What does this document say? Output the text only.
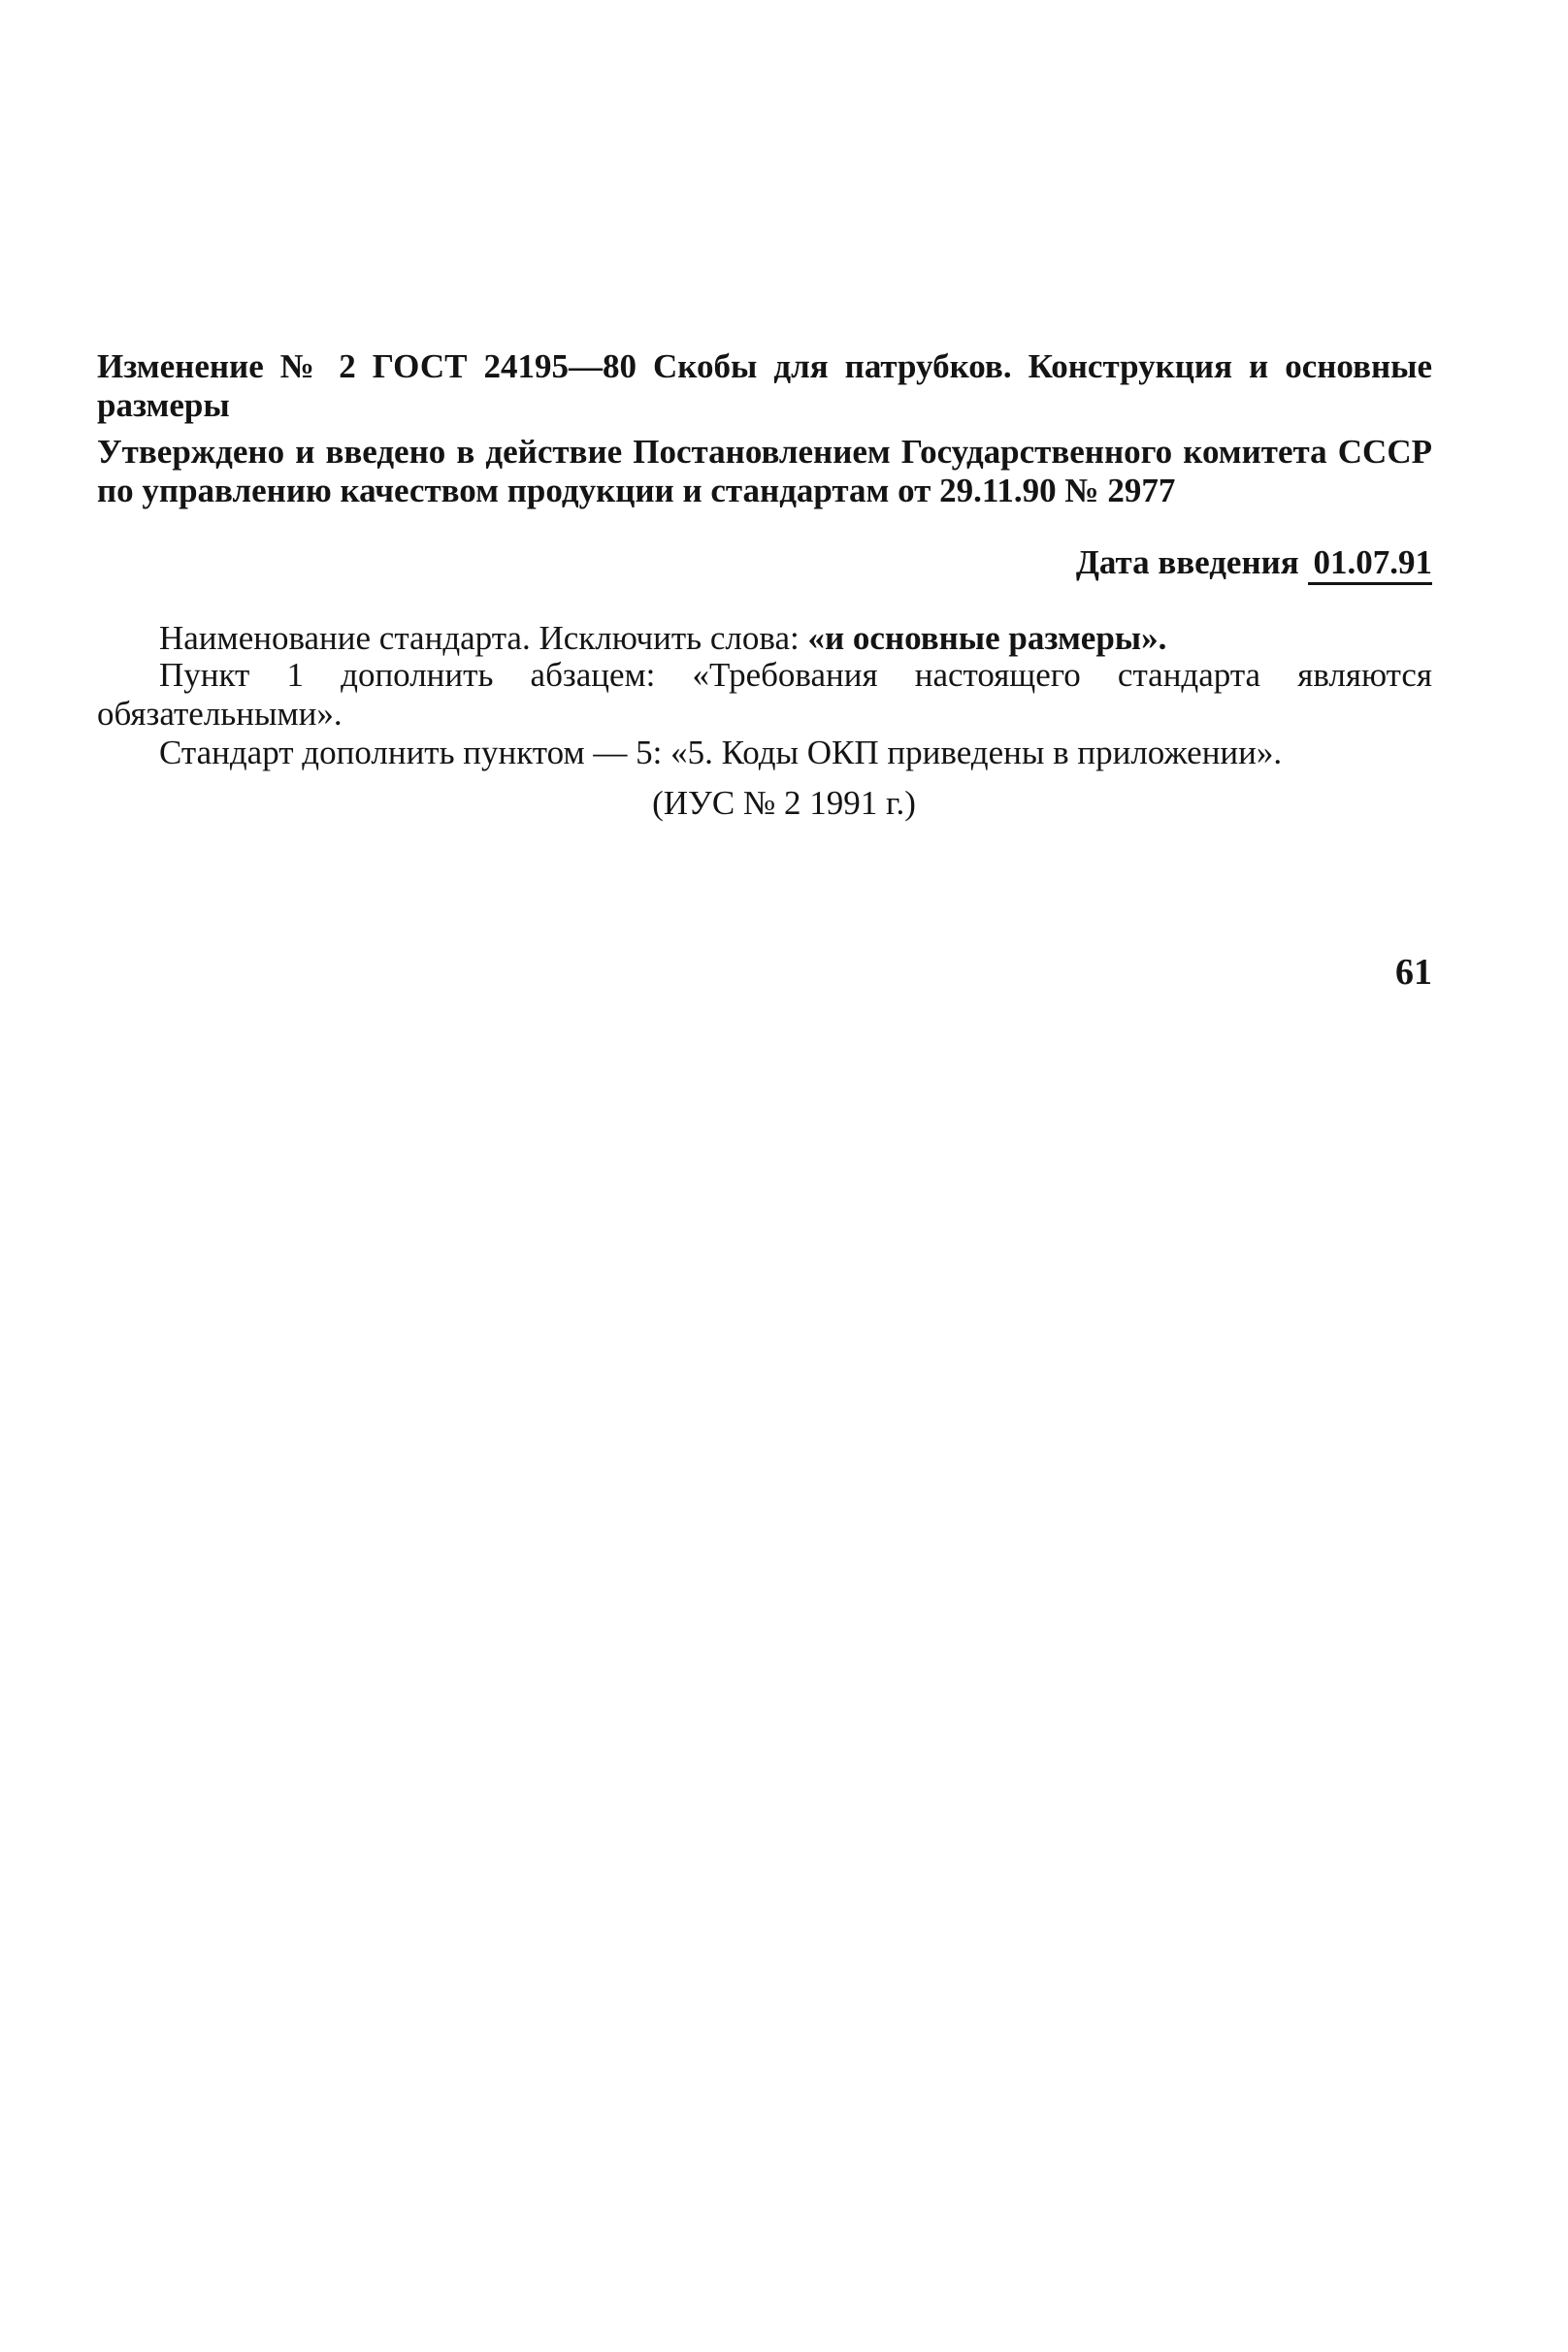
Изменение № 2 ГОСТ 24195—80 Скобы для патрубков. Конструкция и основные размеры

Утверждено и введено в действие Постановлением Государственного комитета СССР по управлению качеством продукции и стандартам от 29.11.90 № 2977

Дата введения 01.07.91

Наименование стандарта. Исключить слова: «и основные размеры».

Пункт 1 дополнить абзацем: «Требования настоящего стандарта являются обязательными».

Стандарт дополнить пунктом — 5: «5. Коды ОКП приведены в приложении».

(ИУС № 2 1991 г.)
61
